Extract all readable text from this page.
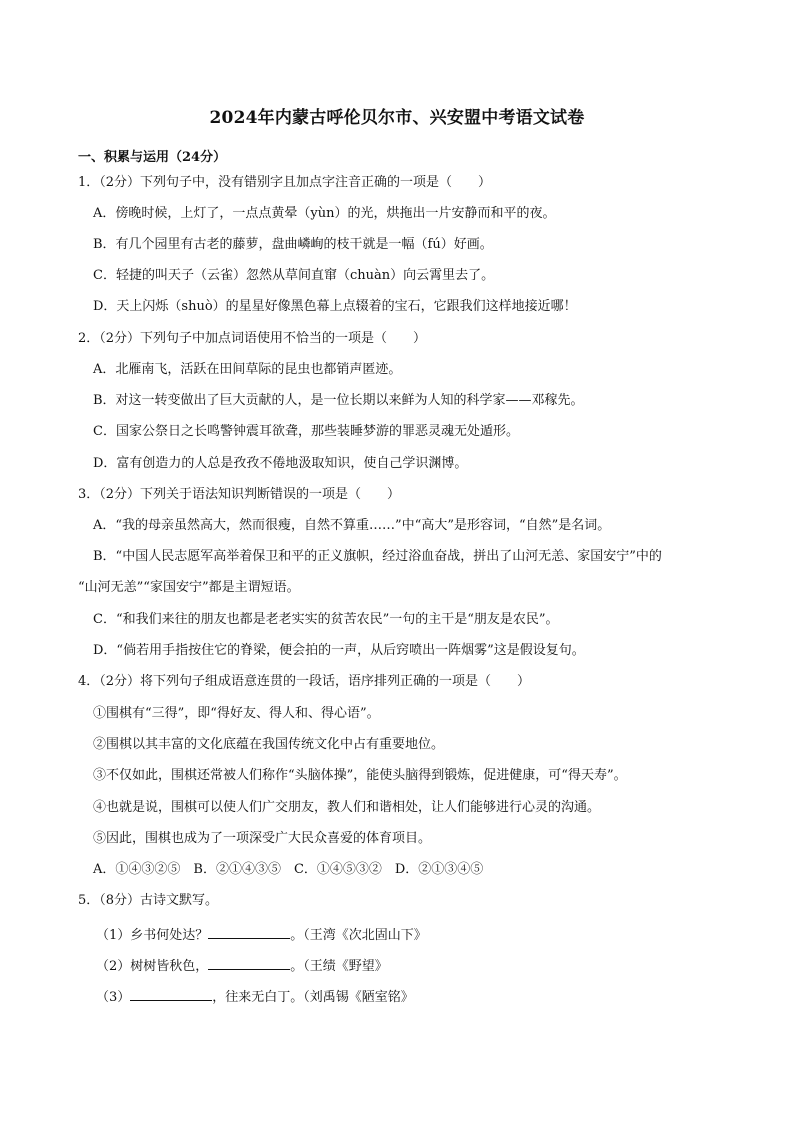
2024年内蒙古呼伦贝尔市、兴安盟中考语文试卷
一、积累与运用（24分）
1．（2分）下列句子中，没有错别字且加点字注音正确的一项是（　　）
A．傍晚时候，上灯了，一点点黄晕（yùn）的光，烘拖出一片安静而和平的夜。
B．有几个园里有古老的藤萝，盘曲嶙峋的枝干就是一幅（fú）好画。
C．轻捷的叫天子（云雀）忽然从草间直窜（chuàn）向云霄里去了。
D．天上闪烁（shuò）的星星好像黑色幕上点辍着的宝石，它跟我们这样地接近哪！
2．（2分）下列句子中加点词语使用不恰当的一项是（　　）
A．北雁南飞，活跃在田间草际的昆虫也都销声匿迹。
B．对这一转变做出了巨大贡献的人，是一位长期以来鲜为人知的科学家——邓稼先。
C．国家公祭日之长鸣警钟震耳欲聋，那些装睡梦游的罪恶灵魂无处遁形。
D．富有创造力的人总是孜孜不倦地汲取知识，使自己学识渊博。
3．（2分）下列关于语法知识判断错误的一项是（　　）
A．“我的母亲虽然高大，然而很瘦，自然不算重……”中“高大”是形容词，“自然”是名词。
B．“中国人民志愿军高举着保卫和平的正义旗帜，经过浴血奋战，拼出了山河无恙、家国安宁”中的
“山河无恙”“家国安宁”都是主谓短语。
C．“和我们来往的朋友也都是老老实实的贫苦农民”一句的主干是“朋友是农民”。
D．“倘若用手指按住它的脊梁，便会拍的一声，从后窍喷出一阵烟雾”这是假设复句。
4．（2分）将下列句子组成语意连贯的一段话，语序排列正确的一项是（　　）
①围棋有“三得”，即“得好友、得人和、得心语”。
②围棋以其丰富的文化底蕴在我国传统文化中占有重要地位。
③不仅如此，围棋还常被人们称作“头脑体操”，能使头脑得到锻炼，促进健康，可“得天寿”。
④也就是说，围棋可以使人们广交朋友，教人们和谐相处，让人们能够进行心灵的沟通。
⑤因此，围棋也成为了一项深受广大民众喜爱的体育项目。
A．①④③②⑤　B．②①④③⑤　C．①④⑤③②　D．②①③④⑤
5．（8分）古诗文默写。
（1）乡书何处达？	。（王湾《次北固山下》
（2）树树皆秋色，	。（王绩《野望》
（3）	，往来无白丁。（刘禹锡《陋室铭》
